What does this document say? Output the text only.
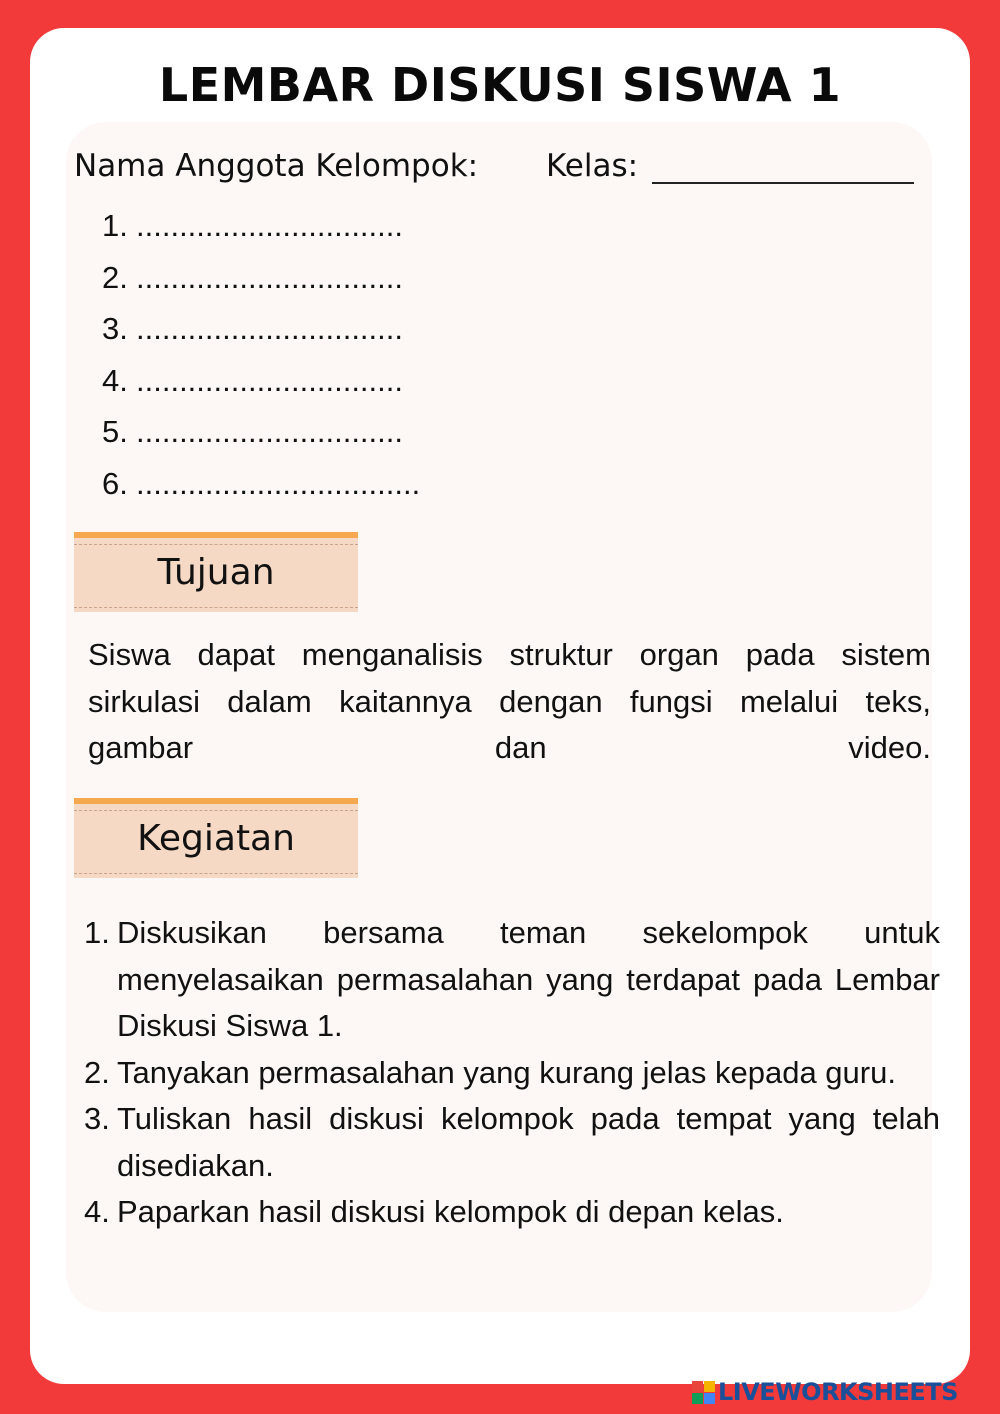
LEMBAR DISKUSI SISWA 1
Nama Anggota Kelompok: Kelas:
1. ...............................
2. ...............................
3. ...............................
4. ...............................
5. ...............................
6. .................................
Tujuan
Siswa dapat menganalisis struktur organ pada sistem sirkulasi dalam kaitannya dengan fungsi melalui teks, gambar dan video.
Kegiatan
1. Diskusikan bersama teman sekelompok untuk menyelasaikan permasalahan yang terdapat pada Lembar Diskusi Siswa 1.
2. Tanyakan permasalahan yang kurang jelas kepada guru.
3. Tuliskan hasil diskusi kelompok pada tempat yang telah disediakan.
4. Paparkan hasil diskusi kelompok di depan kelas.
LIVEWORKSHEETS
